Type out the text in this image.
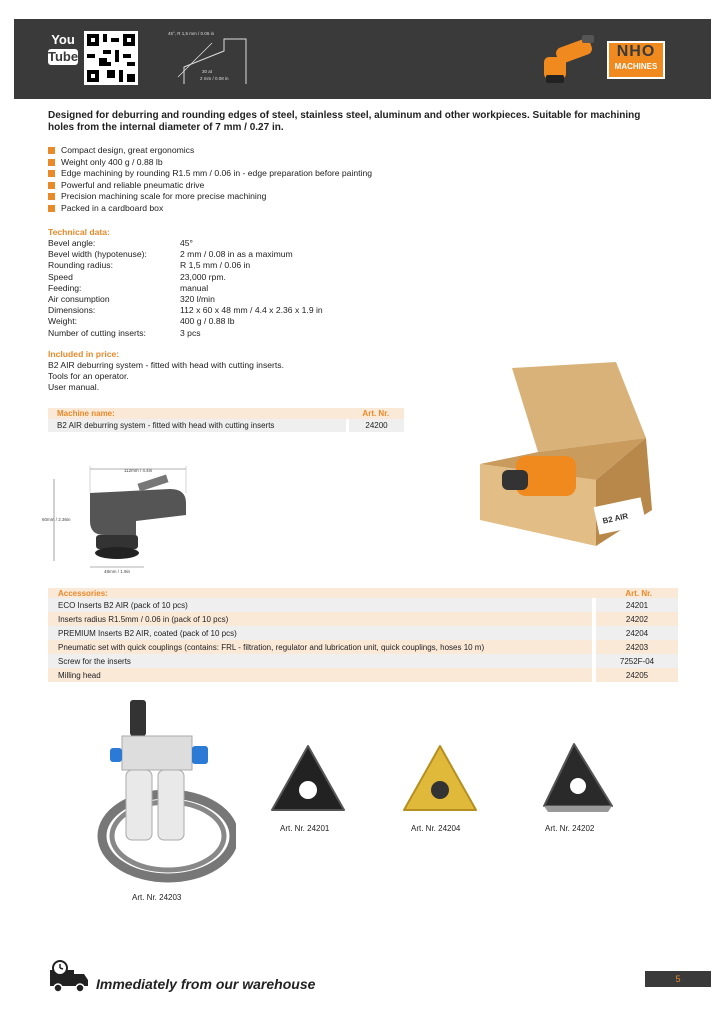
You
Tube
45°, R 1,5 mm / 0.06 in
30 at
2 mm / 0.08 in
NHO
MACHINES
Designed for deburring and rounding edges of steel, stainless steel, aluminum and other workpieces. Suitable for machining holes from the internal diameter of 7 mm / 0.27 in.
Compact design, great ergonomics
Weight only 400 g / 0.88 lb
Edge machining by rounding R1.5 mm / 0.06 in - edge preparation before painting
Powerful and reliable pneumatic drive
Precision machining scale for more precise machining
Packed in a cardboard box
Technical data:
Bevel angle:	45°
Bevel width (hypotenuse):	2 mm / 0.08 in as a maximum
Rounding radius:	R 1,5 mm / 0.06 in
Speed	23,000 rpm.
Feeding:	manual
Air consumption	320 l/min
Dimensions:	112 x 60 x 48 mm / 4.4 x 2.36 x 1.9 in
Weight:	400 g / 0.88 lb
Number of cutting inserts:	3 pcs
Included in price:
B2 AIR deburring system - fitted with head with cutting inserts.
Tools for an operator.
User manual.
Machine name:	Art. Nr.
B2 AIR deburring system - fitted with head with cutting inserts	24200
112mm / 4.4in
60mm / 2.36in
48mm / 1.9in
B2 AIR
Accessories:	Art. Nr.
ECO Inserts B2 AIR (pack of 10 pcs)	24201
Inserts radius R1.5mm / 0.06 in (pack of 10 pcs)	24202
PREMIUM Inserts B2 AIR, coated (pack of 10 pcs)	24204
Pneumatic set with quick couplings (contains: FRL - filtration, regulator and lubrication unit, quick couplings, hoses 10 m)	24203
Screw for the inserts	7252F-04
Milling head	24205
Art. Nr. 24203
Art. Nr. 24201	Art. Nr. 24204	Art. Nr. 24202
Immediately from our warehouse	5
